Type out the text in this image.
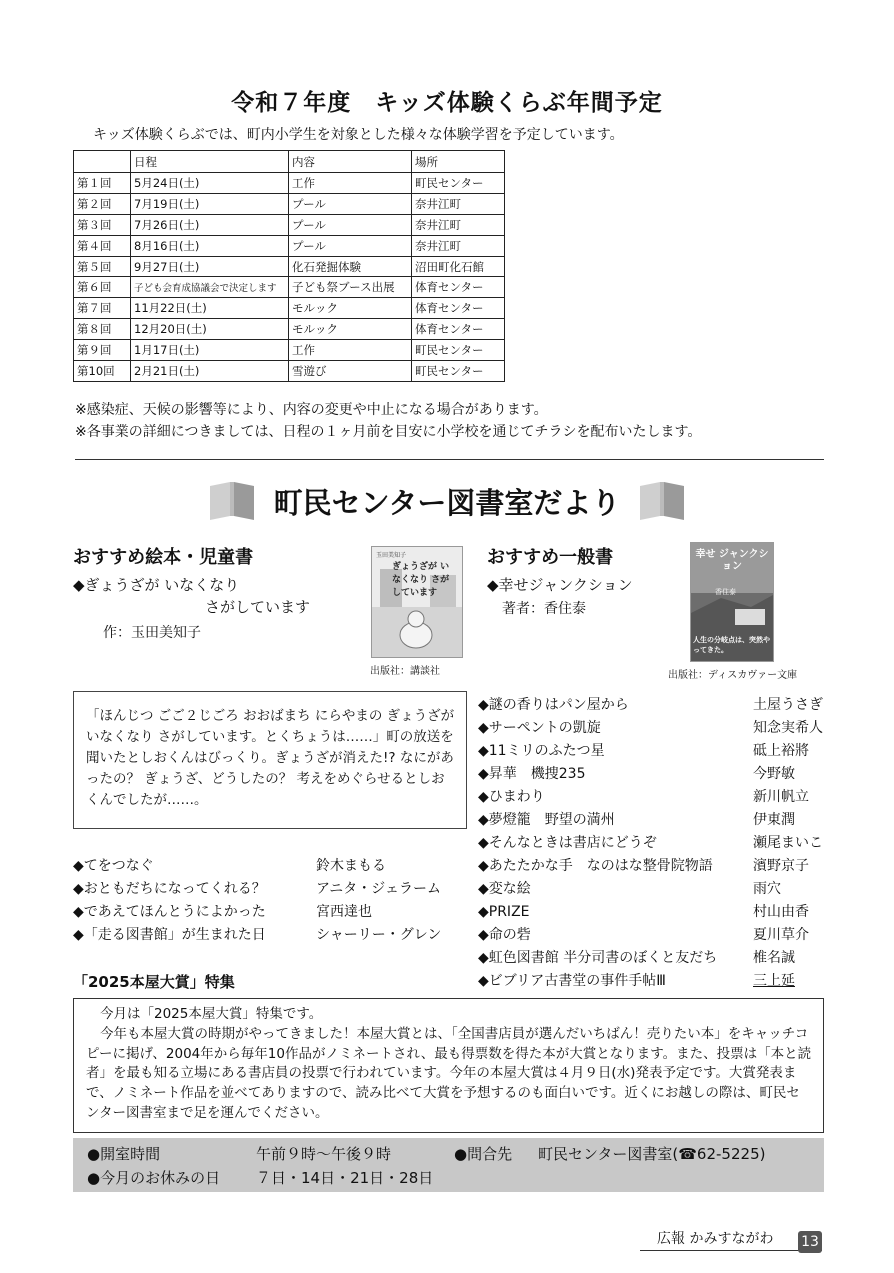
令和７年度　キッズ体験くらぶ年間予定
キッズ体験くらぶでは、町内小学生を対象とした様々な体験学習を予定しています。
	日程	内容	場所
第１回	5月24日(土)	工作	町民センター
第２回	7月19日(土)	プール	奈井江町
第３回	7月26日(土)	プール	奈井江町
第４回	8月16日(土)	プール	奈井江町
第５回	9月27日(土)	化石発掘体験	沼田町化石館
第６回	子ども会育成協議会で決定します	子ども祭ブース出展	体育センター
第７回	11月22日(土)	モルック	体育センター
第８回	12月20日(土)	モルック	体育センター
第９回	1月17日(土)	工作	町民センター
第10回	2月21日(土)	雪遊び	町民センター
※感染症、天候の影響等により、内容の変更や中止になる場合があります。
※各事業の詳細につきましては、日程の１ヶ月前を目安に小学校を通じてチラシを配布いたします。
町民センター図書室だより
おすすめ絵本・児童書
◆ぎょうざが いなくなり
さがしています
作：玉田美知子
玉田美知子
ぎょうざが いなくなり さがしています
出版社：講談社
おすすめ一般書
◆幸せジャンクション
著者：香住泰
幸せ ジャンクション
香住泰
人生の分岐点は、突然やってきた。
出版社：ディスカヴァー文庫
「ほんじつ ごご２じごろ おおばまち にらやまの ぎょうざが いなくなり さがしています。とくちょうは……」町の放送を聞いたとしおくんはびっくり。ぎょうざが消えた!? なにがあったの？ ぎょうざ、どうしたの？ 考えをめぐらせるとしおくんでしたが……。
◆てをつなぐ	鈴木まもる
◆おともだちになってくれる？	アニタ・ジェラーム
◆であえてほんとうによかった	宮西達也
◆「走る図書館」が生まれた日	シャーリー・グレン
◆謎の香りはパン屋から	土屋うさぎ
◆サーペントの凱旋	知念実希人
◆11ミリのふたつ星	砥上裕將
◆昇華　機捜235	今野敏
◆ひまわり	新川帆立
◆夢燈籠　野望の満州	伊東潤
◆そんなときは書店にどうぞ	瀬尾まいこ
◆あたたかな手　なのはな整骨院物語	濱野京子
◆変な絵	雨穴
◆PRIZE	村山由香
◆命の砦	夏川草介
◆虹色図書館 半分司書のぼくと友だち	椎名誠
◆ビブリア古書堂の事件手帖Ⅲ	三上延
「2025本屋大賞」特集
今月は「2025本屋大賞」特集です。
今年も本屋大賞の時期がやってきました！本屋大賞とは、「全国書店員が選んだいちばん！売りたい本」をキャッチコピーに掲げ、2004年から毎年10作品がノミネートされ、最も得票数を得た本が大賞となります。また、投票は「本と読者」を最も知る立場にある書店員の投票で行われています。今年の本屋大賞は４月９日(水)発表予定です。大賞発表まで、ノミネート作品を並べてありますので、読み比べて大賞を予想するのも面白いです。近くにお越しの際は、町民センター図書室まで足を運んでください。
●開室時間	午前９時～午後９時	●問合先 町民センター図書室(☎62-5225)
●今月のお休みの日 ７日・14日・21日・28日
広報 かみすながわ 13
